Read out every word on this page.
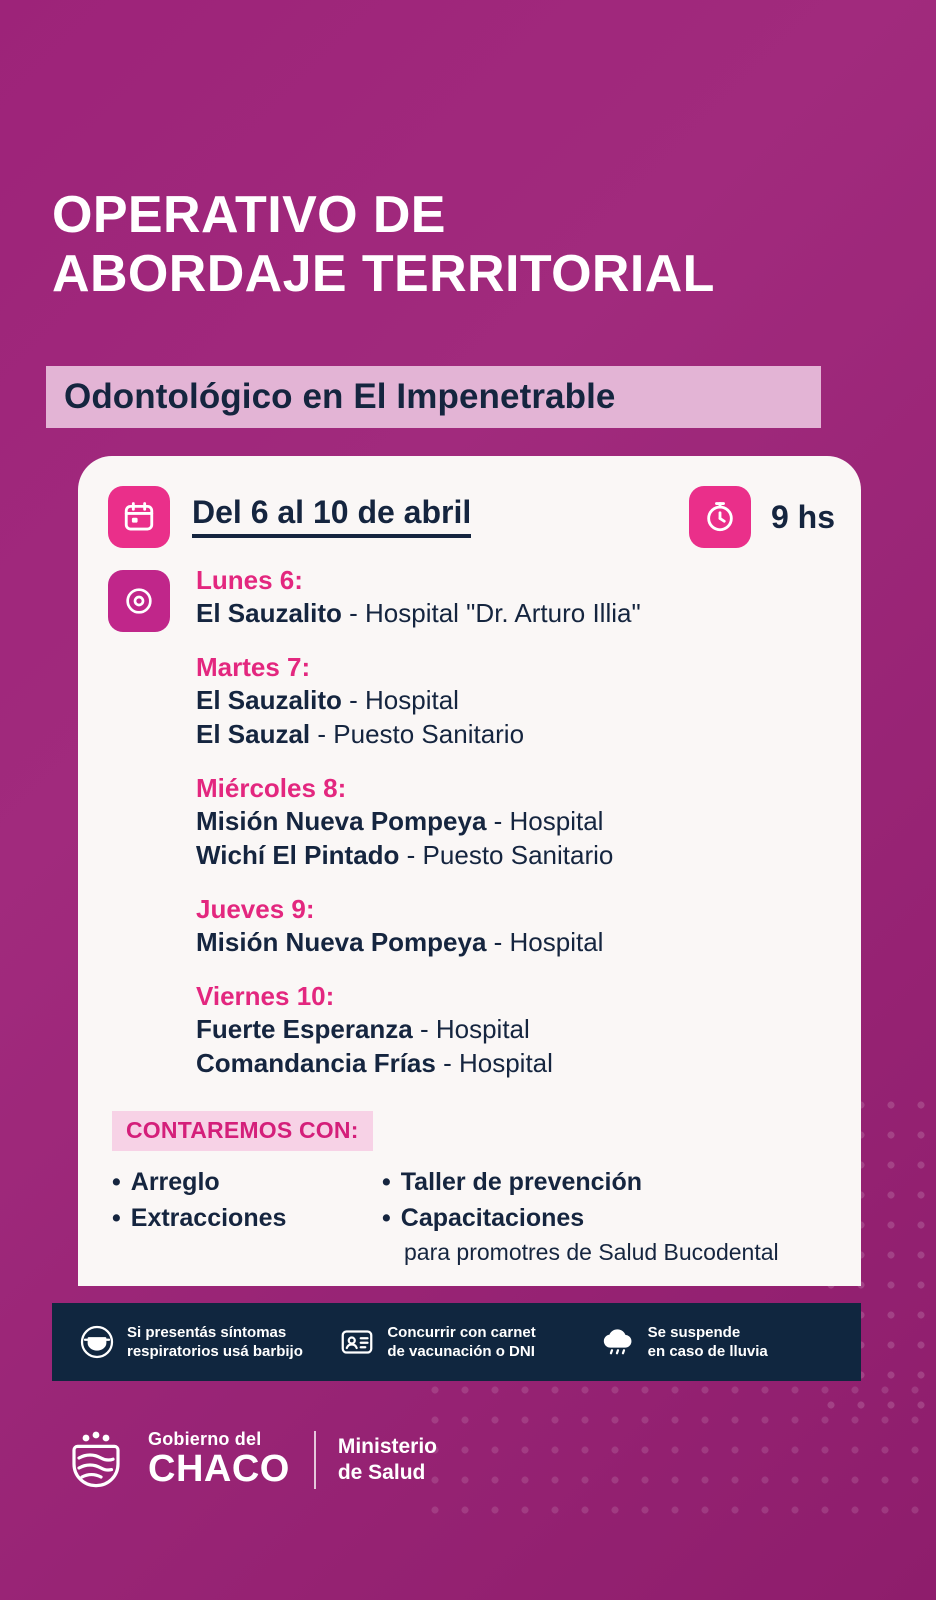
OPERATIVO DE
ABORDAJE TERRITORIAL
Odontológico en El Impenetrable
Del 6 al 10 de abril	9 hs
Lunes 6:
El Sauzalito - Hospital "Dr. Arturo Illia"
Martes 7:
El Sauzalito - Hospital
El Sauzal - Puesto Sanitario
Miércoles 8:
Misión Nueva Pompeya - Hospital
Wichí El Pintado - Puesto Sanitario
Jueves 9:
Misión Nueva Pompeya - Hospital
Viernes 10:
Fuerte Esperanza - Hospital
Comandancia Frías - Hospital
CONTAREMOS CON:
• Arreglo
• Extracciones
• Taller de prevención
• Capacitaciones
para promotres de Salud Bucodental
Si presentás síntomas
respiratorios usá barbijo
Concurrir con carnet
de vacunación o DNI
Se suspende
en caso de lluvia
Gobierno del
CHACO
Ministerio
de Salud
